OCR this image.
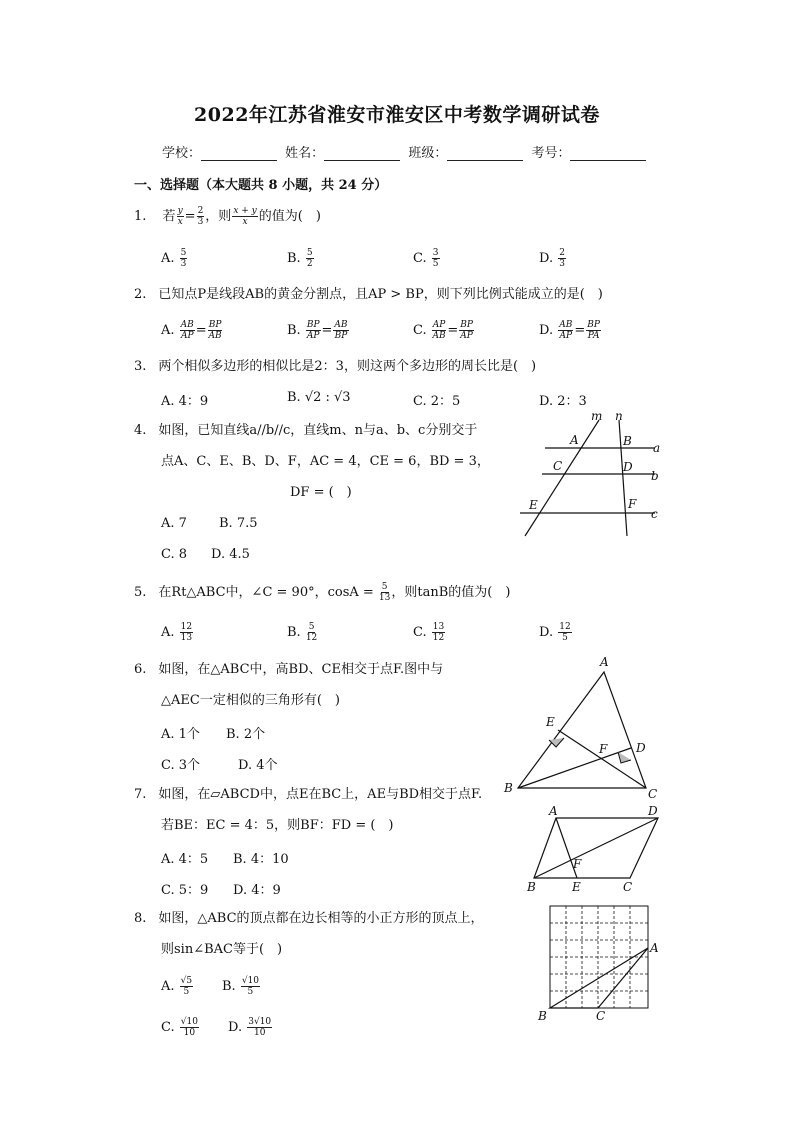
2022年江苏省淮安市淮安区中考数学调研试卷
学校：	姓名：	班级：	考号：
一、选择题（本大题共 8 小题，共 24 分）
1. 若 $\frac{y}{x} = \frac{2}{3}$ ，则 $\frac{x + y}{x}$ 的值为(　)
A. $\frac{5}{3}$	B. $\frac{5}{2}$	C. $\frac{3}{5}$	D. $\frac{2}{3}$
2. 已知点P是线段AB的黄金分割点，且AP > BP，则下列比例式能成立的是(　)
A. $\frac{AB}{AP} = \frac{BP}{AB}$	B. $\frac{BP}{AP} = \frac{AB}{BP}$	C. $\frac{AP}{AB} = \frac{BP}{AP}$	D. $\frac{AB}{AP} = \frac{BP}{PA}$
3. 两个相似多边形的相似比是2：3，则这两个多边形的周长比是(　)
A. 4：9	B. √2 : √3	C. 2：5	D. 2：3
4. 如图，已知直线a//b//c，直线m、n与a、b、c分别交于
点A、C、E、B、D、F，AC = 4，CE = 6，BD = 3，
DF = (　)
A. 7 B. 7.5
C. 8 D. 4.5
m n
a
b
c
A	B
C	D
E	F
5. 在Rt△ABC中，∠C = 90°，$\cos A = \frac{5}{13}$ ，则tanB的值为(　)
A. $\frac{12}{13}$	B. $\frac{5}{12}$	C. $\frac{13}{12}$	D. $\frac{12}{5}$
6. 如图，在△ABC中，高BD、CE相交于点F.图中与
△AEC一定相似的三角形有(　)
A. 1个 B. 2个
C. 3个	D. 4个
A
B	C
D
E
F
7. 如图，在▱ABCD中，点E在BC上，AE与BD相交于点F.
若BE：EC = 4：5，则BF：FD = (　)
A. 4：5 B. 4：10
C. 5：9 D. 4：9
A	D
B	E	C
F
8. 如图，△ABC的顶点都在边长相等的小正方形的顶点上，
则sin∠BAC等于(　)
A. $\frac{√5}{5} B$. $\frac{√10}{5}$
C. $\frac{√10}{10} D$. $\frac{3√10}{10}$
A
B	C
